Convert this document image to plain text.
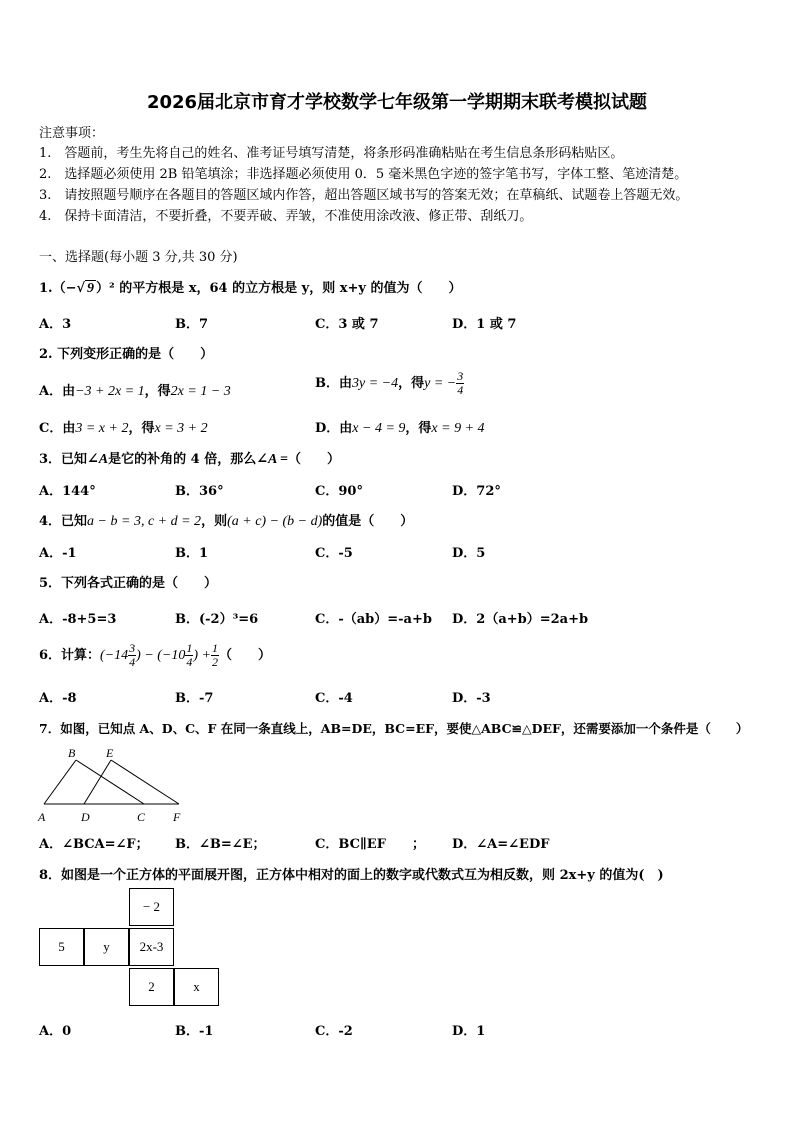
2026届北京市育才学校数学七年级第一学期期末联考模拟试题
注意事项：
1.　答题前，考生先将自己的姓名、准考证号填写清楚，将条形码准确粘贴在考生信息条形码粘贴区。
2.　选择题必须使用 2B 铅笔填涂；非选择题必须使用 0．5 毫米黑色字迹的签字笔书写，字体工整、笔迹清楚。
3.　请按照题号顺序在各题目的答题区域内作答，超出答题区域书写的答案无效；在草稿纸、试题卷上答题无效。
4.　保持卡面清洁，不要折叠，不要弄破、弄皱，不准使用涂改液、修正带、刮纸刀。
一、选择题(每小题 3 分,共 30 分)
1.（−√ 9 ）² 的平方根是 x，64 的立方根是 y，则 x+y 的值为（　　）
A．3	B．7	C．3 或 7	D．1 或 7
2. 下列变形正确的是（　　）
A．由−3 + 2x = 1，得2x = 1 − 3
B．由3y = −4，得y = − $\frac{3}{4}$
C．由3 = x + 2，得x = 3 + 2	D．由x − 4 = 9，得x = 9 + 4
3．已知∠A是它的补角的 4 倍，那么∠A =（　　）
A．144°	B．36°	C．90°	D．72°
4．已知a − b = 3, c + d = 2，则(a + c) − (b − d)的值是（　　）
A．-1	B．1	C．-5	D．5
5．下列各式正确的是（　　）
A．-8+5=3	B．(-2）³=6	C．-（ab）=-a+b D．2（a+b）=2a+b
6．计算：($-14 \frac{3}{4}$ ) − ($-10 \frac{1}{4}$ ) + $\frac{1}{2}$ （　　）
A．-8	B．-7	C．-4	D．-3
7．如图，已知点 A、D、C、F 在同一条直线上，AB=DE，BC=EF，要使△ABC≌△DEF，还需要添加一个条件是（　　）
B	E
A	D	C F
A．∠BCA=∠F； B．∠B=∠E；	C．BC∥EF　　； D．∠A=∠EDF
8．如图是一个正方体的平面展开图，正方体中相对的面上的数字或代数式互为相反数，则 2x+y 的值为(　)
− 2
5	y	2x-3
2	x
A．0	B．-1	C．-2	D．1
